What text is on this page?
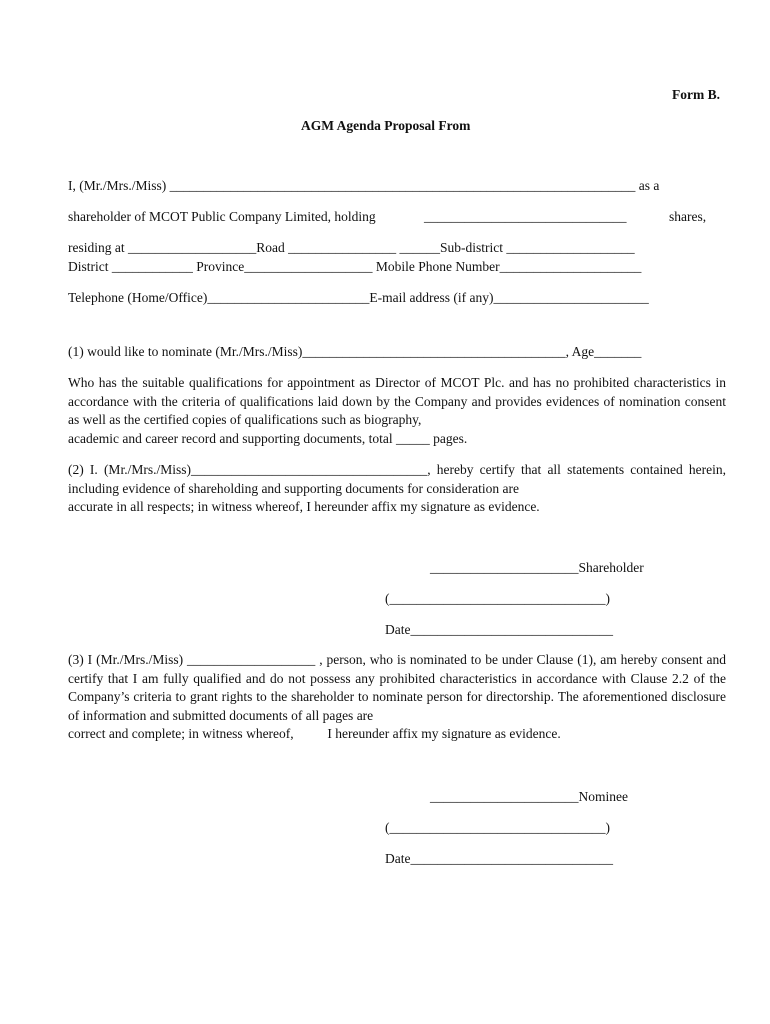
Form B.
AGM Agenda Proposal From
I, (Mr./Mrs./Miss) _____________________________________________________________________ as a
shareholder of MCOT Public Company Limited, holding	______________________________	shares,
residing at ___________________Road ________________ ______Sub-district ___________________
District ____________ Province___________________ Mobile Phone Number_____________________
Telephone (Home/Office)________________________E-mail address (if any)_______________________
(1) would like to nominate (Mr./Mrs./Miss)_______________________________________, Age_______
Who has the suitable qualifications for appointment as Director of MCOT Plc. and has no prohibited characteristics in accordance with the criteria of qualifications laid down by the Company and provides evidences of nomination consent as well as the certified copies of qualifications such as biography,
academic and career record and supporting documents, total _____ pages.
(2) I. (Mr./Mrs./Miss)___________________________________, hereby certify that all statements contained herein, including evidence of shareholding and supporting documents for consideration are
accurate in all respects; in witness whereof, I hereunder affix my signature as evidence.
______________________Shareholder
(________________________________)
Date______________________________
(3) I (Mr./Mrs./Miss) ___________________ , person, who is nominated to be under Clause (1), am hereby consent and certify that I am fully qualified and do not possess any prohibited characteristics in accordance with Clause 2.2 of the Company’s criteria to grant rights to the shareholder to nominate person for directorship. The aforementioned disclosure of information and submitted documents of all pages are
correct and complete; in witness whereof,          I hereunder affix my signature as evidence.
______________________Nominee
(________________________________)
Date______________________________
